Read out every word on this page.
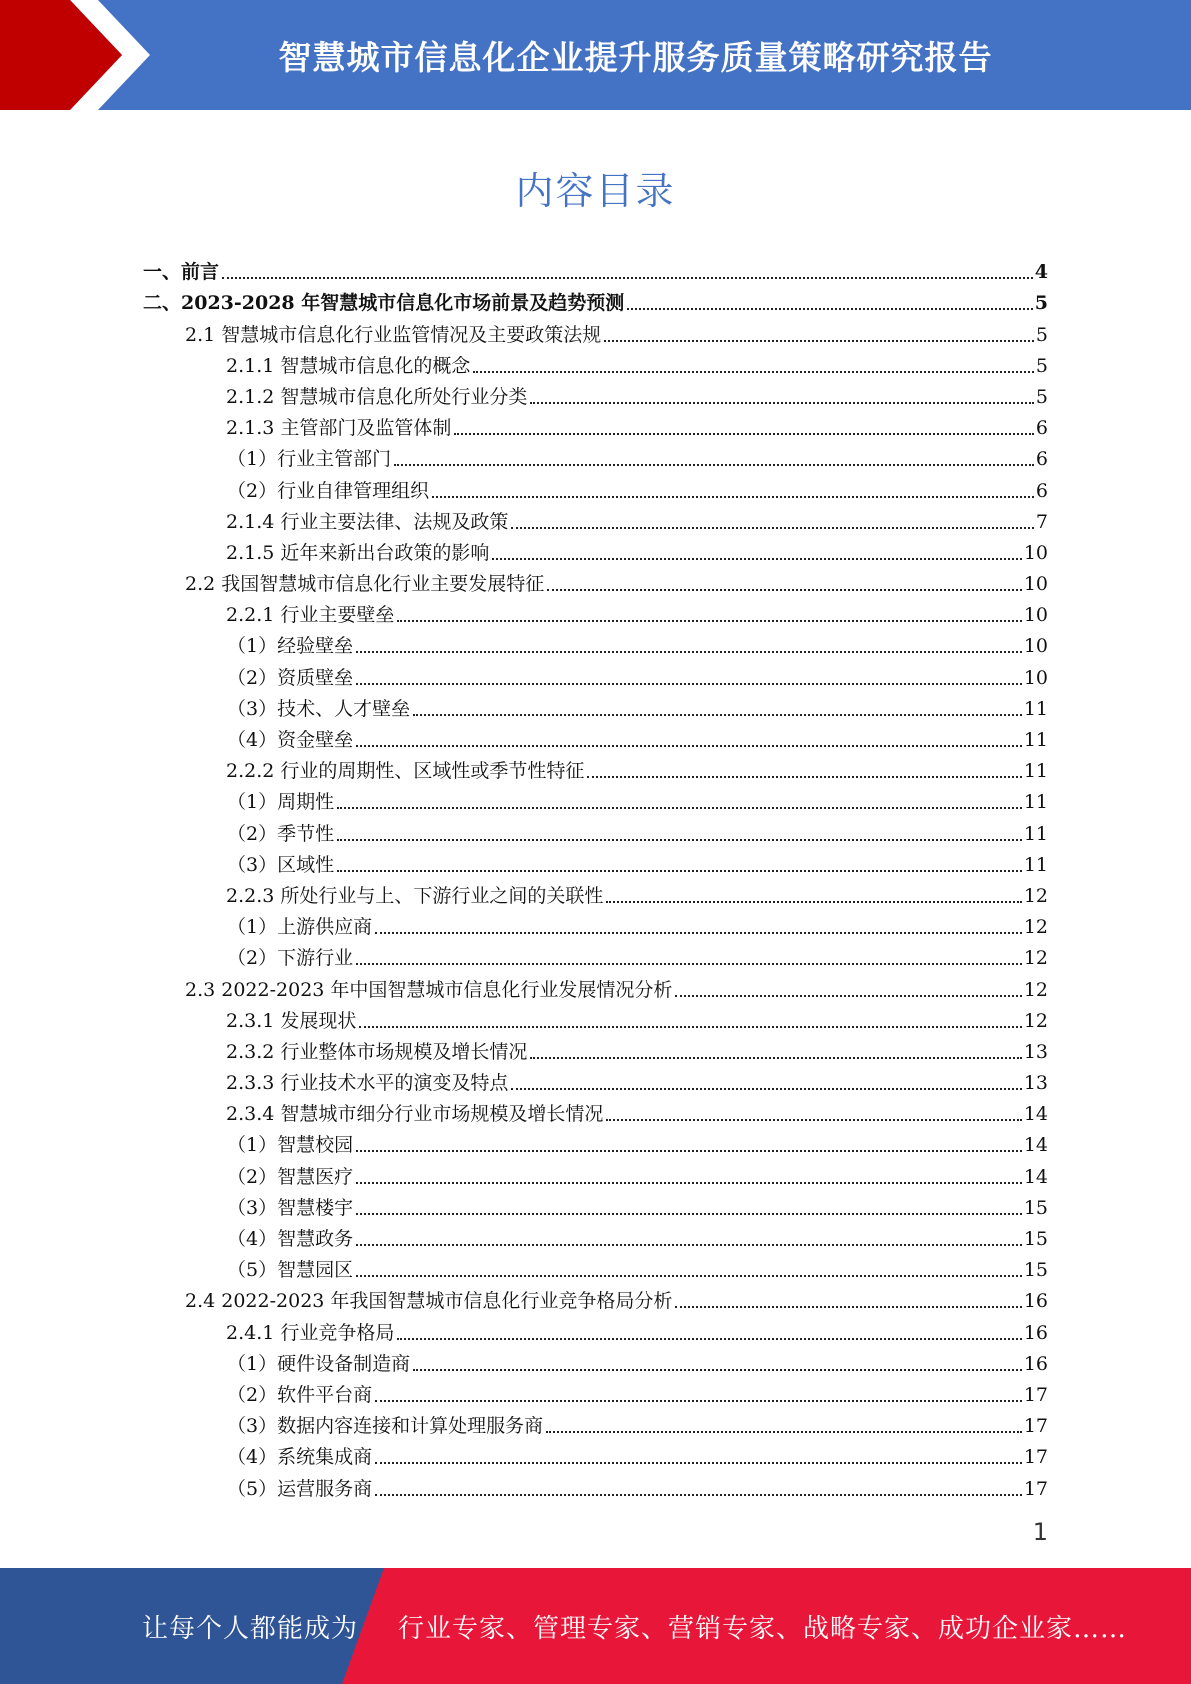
智慧城市信息化企业提升服务质量策略研究报告
内容目录
一、前言	4
二、2023-2028 年智慧城市信息化市场前景及趋势预测	5
2.1 智慧城市信息化行业监管情况及主要政策法规	5
2.1.1 智慧城市信息化的概念	5
2.1.2 智慧城市信息化所处行业分类	5
2.1.3 主管部门及监管体制	6
（1）行业主管部门	6
（2）行业自律管理组织	6
2.1.4 行业主要法律、法规及政策	7
2.1.5 近年来新出台政策的影响	10
2.2 我国智慧城市信息化行业主要发展特征	10
2.2.1 行业主要壁垒	10
（1）经验壁垒	10
（2）资质壁垒	10
（3）技术、人才壁垒	11
（4）资金壁垒	11
2.2.2 行业的周期性、区域性或季节性特征	11
（1）周期性	11
（2）季节性	11
（3）区域性	11
2.2.3 所处行业与上、下游行业之间的关联性	12
（1）上游供应商	12
（2）下游行业	12
2.3 2022-2023 年中国智慧城市信息化行业发展情况分析	12
2.3.1 发展现状	12
2.3.2 行业整体市场规模及增长情况	13
2.3.3 行业技术水平的演变及特点	13
2.3.4 智慧城市细分行业市场规模及增长情况	14
（1）智慧校园	14
（2）智慧医疗	14
（3）智慧楼宇	15
（4）智慧政务	15
（5）智慧园区	15
2.4 2022-2023 年我国智慧城市信息化行业竞争格局分析	16
2.4.1 行业竞争格局	16
（1）硬件设备制造商	16
（2）软件平台商	17
（3）数据内容连接和计算处理服务商	17
（4）系统集成商	17
（5）运营服务商	17
1
让每个人都能成为 行业专家、管理专家、营销专家、战略专家、成功企业家……
